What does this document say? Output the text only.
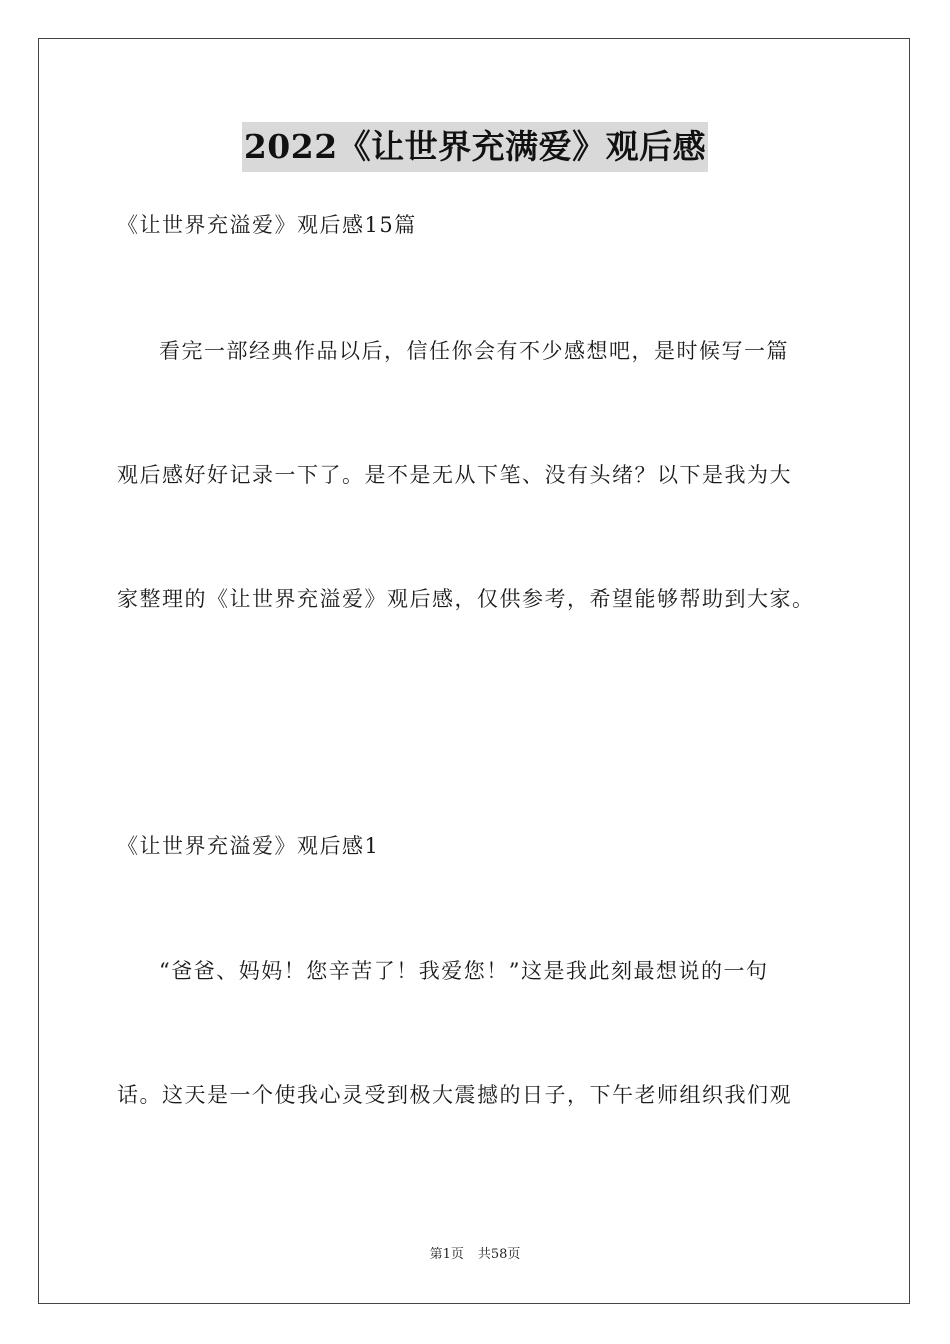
2022《让世界充满爱》观后感
《让世界充溢爱》观后感15篇
看完一部经典作品以后，信任你会有不少感想吧，是时候写一篇
观后感好好记录一下了。是不是无从下笔、没有头绪？以下是我为大
家整理的《让世界充溢爱》观后感，仅供参考，希望能够帮助到大家。
《让世界充溢爱》观后感1
“爸爸、妈妈！您辛苦了！我爱您！”这是我此刻最想说的一句
话。这天是一个使我心灵受到极大震撼的日子，下午老师组织我们观
第1页 共58页
